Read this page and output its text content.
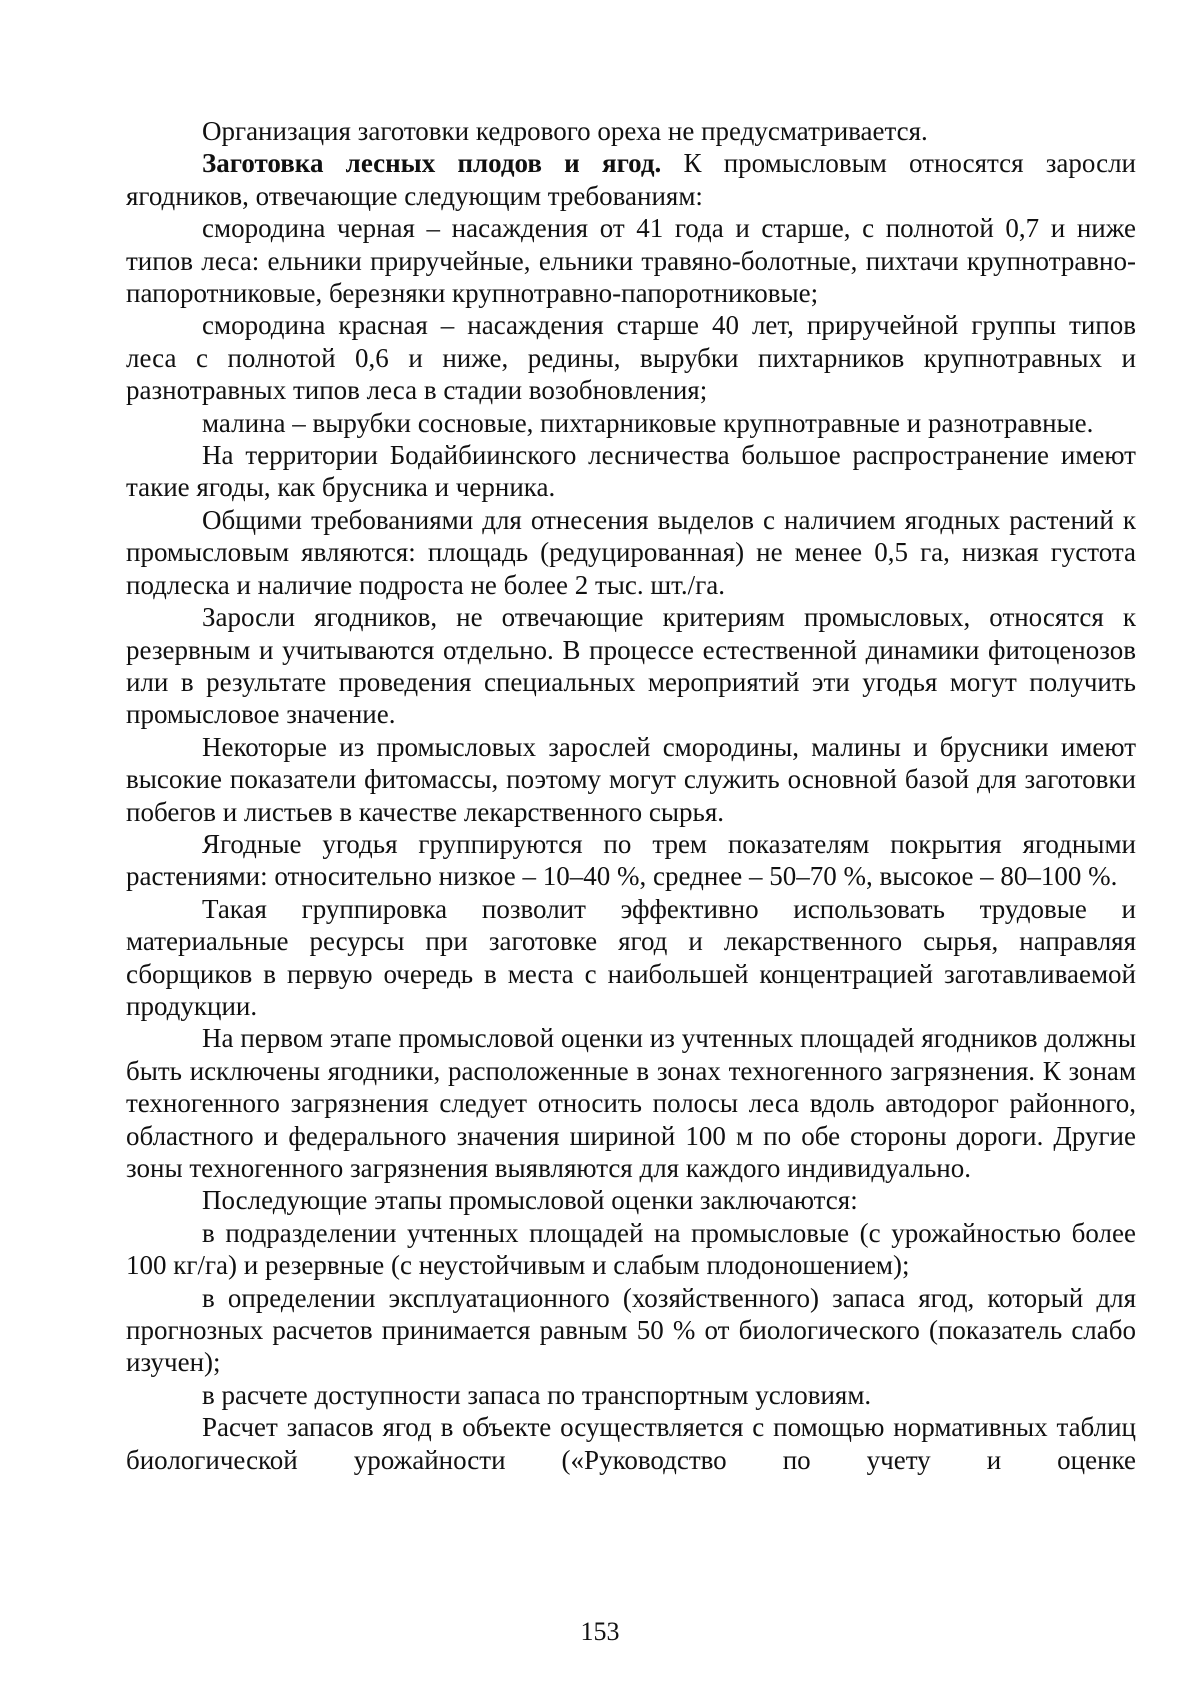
Организация заготовки кедрового ореха не предусматривается.

Заготовка лесных плодов и ягод. К промысловым относятся заросли ягодников, отвечающие следующим требованиям:

смородина черная – насаждения от 41 года и старше, с полнотой 0,7 и ниже типов леса: ельники приручейные, ельники травяно-болотные, пихтачи крупнотравно-папоротниковые, березняки крупнотравно-папоротниковые;

смородина красная – насаждения старше 40 лет, приручейной группы типов леса с полнотой 0,6 и ниже, редины, вырубки пихтарников крупнотравных и разнотравных типов леса в стадии возобновления;

малина – вырубки сосновые, пихтарниковые крупнотравные и разнотравные.

На территории Бодайбиинского лесничества большое распространение имеют такие ягоды, как брусника и черника.

Общими требованиями для отнесения выделов с наличием ягодных растений к промысловым являются: площадь (редуцированная) не менее 0,5 га, низкая густота подлеска и наличие подроста не более 2 тыс. шт./га.

Заросли ягодников, не отвечающие критериям промысловых, относятся к резервным и учитываются отдельно. В процессе естественной динамики фитоценозов или в результате проведения специальных мероприятий эти угодья могут получить промысловое значение.

Некоторые из промысловых зарослей смородины, малины и брусники имеют высокие показатели фитомассы, поэтому могут служить основной базой для заготовки побегов и листьев в качестве лекарственного сырья.

Ягодные угодья группируются по трем показателям покрытия ягодными растениями: относительно низкое – 10–40 %, среднее – 50–70 %, высокое – 80–100 %.

Такая группировка позволит эффективно использовать трудовые и материальные ресурсы при заготовке ягод и лекарственного сырья, направляя сборщиков в первую очередь в места с наибольшей концентрацией заготавливаемой продукции.

На первом этапе промысловой оценки из учтенных площадей ягодников должны быть исключены ягодники, расположенные в зонах техногенного загрязнения. К зонам техногенного загрязнения следует относить полосы леса вдоль автодорог районного, областного и федерального значения шириной 100 м по обе стороны дороги. Другие зоны техногенного загрязнения выявляются для каждого индивидуально.

Последующие этапы промысловой оценки заключаются:

в подразделении учтенных площадей на промысловые (с урожайностью более 100 кг/га) и резервные (с неустойчивым и слабым плодоношением);

в определении эксплуатационного (хозяйственного) запаса ягод, который для прогнозных расчетов принимается равным 50 % от биологического (показатель слабо изучен);

в расчете доступности запаса по транспортным условиям.

Расчет запасов ягод в объекте осуществляется с помощью нормативных таблиц биологической урожайности («Руководство по учету и оценке

153
